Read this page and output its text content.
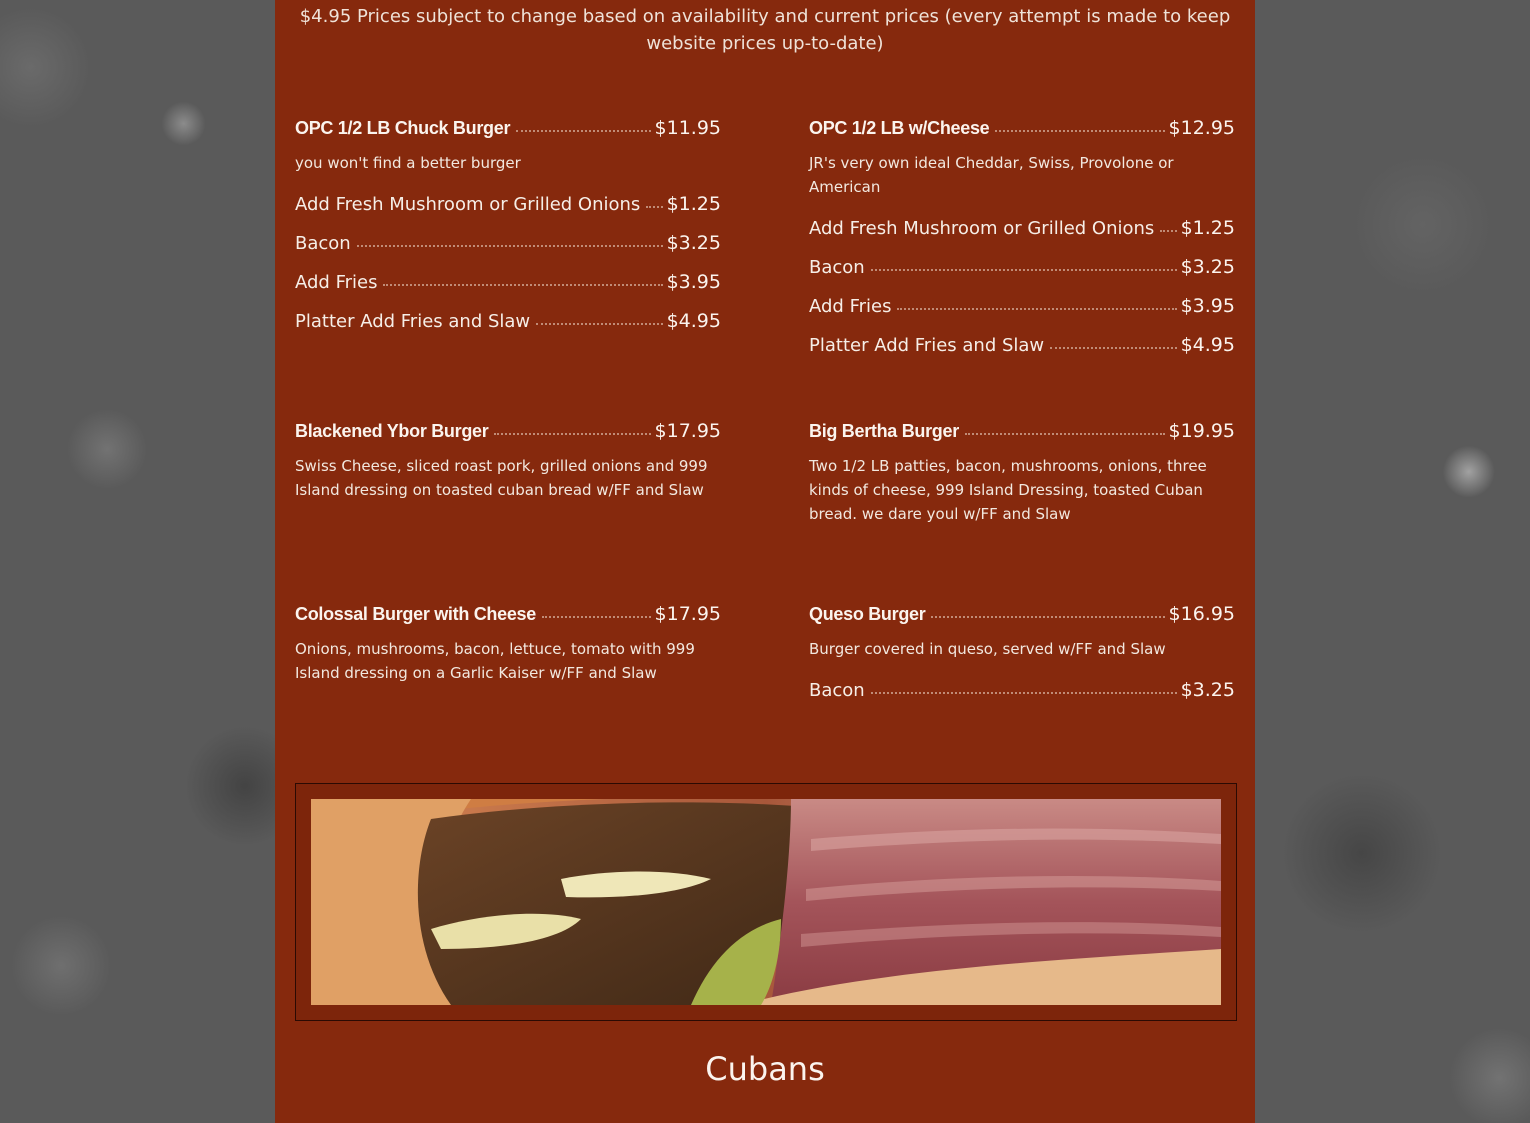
$4.95 Prices subject to change based on availability and current prices (every attempt is made to keep website prices up-to-date)
OPC 1/2 LB Chuck Burger	$11.95
you won't find a better burger
Add Fresh Mushroom or Grilled Onions $1.25
Bacon	$3.25
Add Fries	$3.95
Platter Add Fries and Slaw	$4.95
OPC 1/2 LB w/Cheese	$12.95
JR's very own ideal Cheddar, Swiss, Provolone or American
Add Fresh Mushroom or Grilled Onions $1.25
Bacon	$3.25
Add Fries	$3.95
Platter Add Fries and Slaw	$4.95
Blackened Ybor Burger	$17.95
Swiss Cheese, sliced roast pork, grilled onions and 999 Island dressing on toasted cuban bread w/FF and Slaw
Big Bertha Burger	$19.95
Two 1/2 LB patties, bacon, mushrooms, onions, three kinds of cheese, 999 Island Dressing, toasted Cuban bread. we dare youl w/FF and Slaw
Colossal Burger with Cheese	$17.95
Onions, mushrooms, bacon, lettuce, tomato with 999 Island dressing on a Garlic Kaiser w/FF and Slaw
Queso Burger	$16.95
Burger covered in queso, served w/FF and Slaw
Bacon	$3.25
Cubans
